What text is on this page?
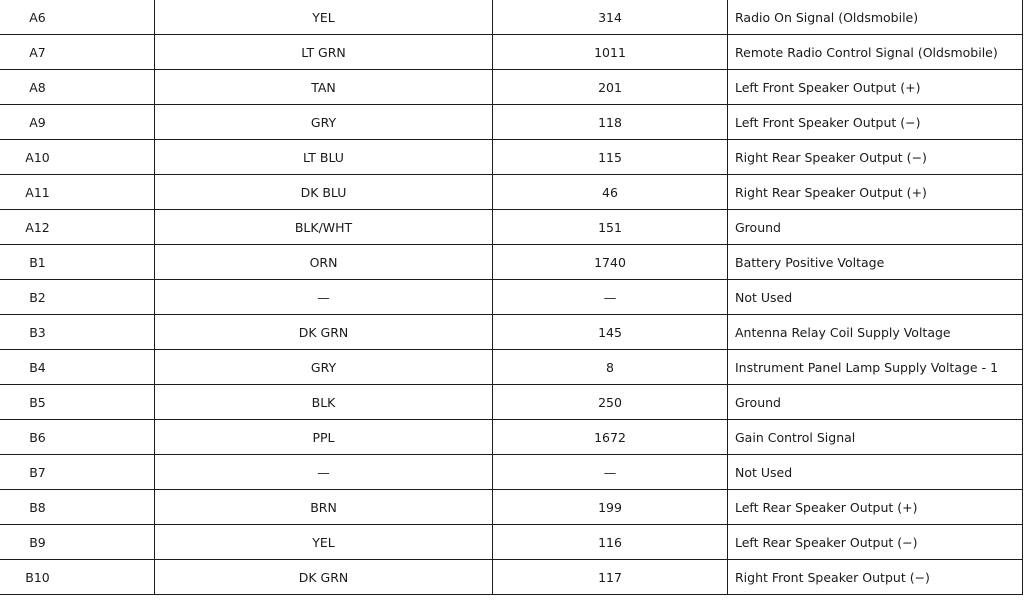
A6	YEL	314	Radio On Signal (Oldsmobile)
A7	LT GRN	1011	Remote Radio Control Signal (Oldsmobile)
A8	TAN	201	Left Front Speaker Output (+)
A9	GRY	118	Left Front Speaker Output (−)
A10	LT BLU	115	Right Rear Speaker Output (−)
A11	DK BLU	46	Right Rear Speaker Output (+)
A12	BLK/WHT	151	Ground
B1	ORN	1740	Battery Positive Voltage
B2	—	—	Not Used
B3	DK GRN	145	Antenna Relay Coil Supply Voltage
B4	GRY	8	Instrument Panel Lamp Supply Voltage - 1
B5	BLK	250	Ground
B6	PPL	1672	Gain Control Signal
B7	—	—	Not Used
B8	BRN	199	Left Rear Speaker Output (+)
B9	YEL	116	Left Rear Speaker Output (−)
B10	DK GRN	117	Right Front Speaker Output (−)
